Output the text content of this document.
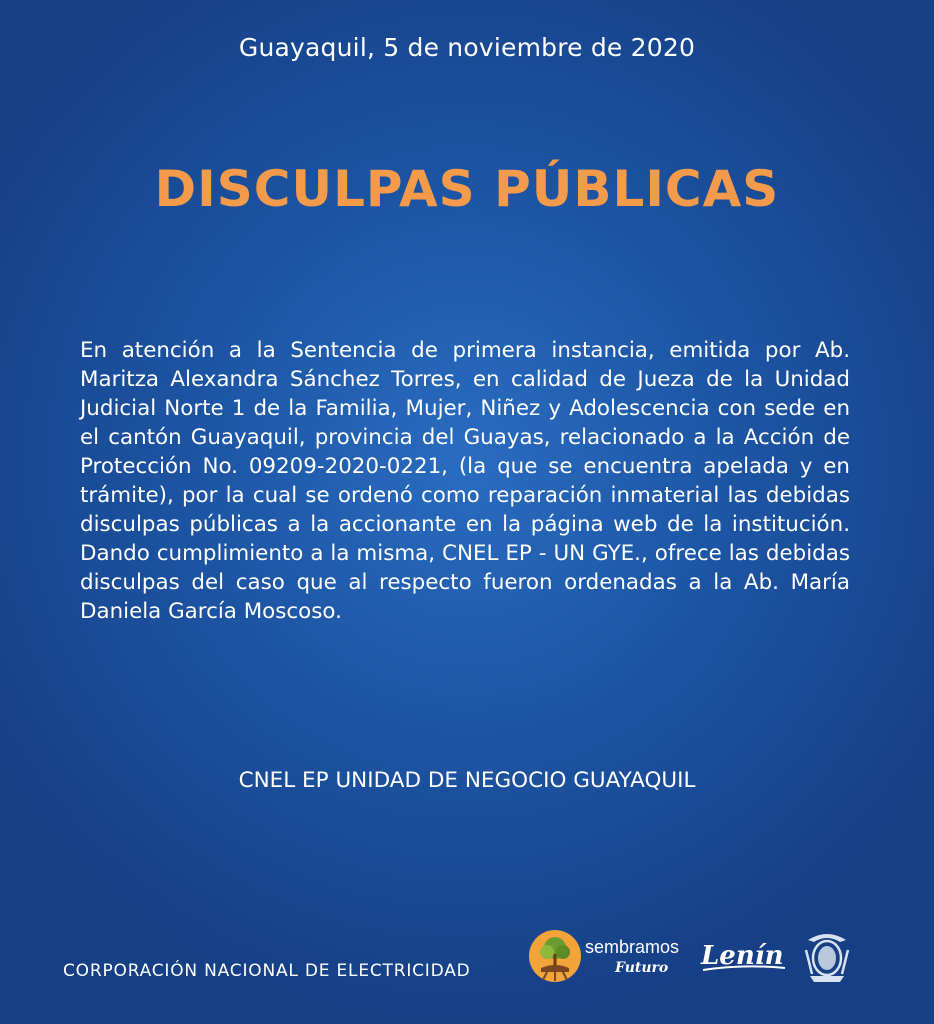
Guayaquil, 5 de noviembre de 2020
DISCULPAS PÚBLICAS
En atención a la Sentencia de primera instancia, emitida por Ab. Maritza Alexandra Sánchez Torres, en calidad de Jueza de la Unidad Judicial Norte 1 de la Familia, Mujer, Niñez y Adolescencia con sede en el cantón Guayaquil, provincia del Guayas, relacionado a la Acción de Protección No. 09209-2020-0221, (la que se encuentra apelada y en trámite), por la cual se ordenó como reparación inmaterial las debidas disculpas públicas a la accionante en la página web de la institución. Dando cumplimiento a la misma, CNEL EP - UN GYE., ofrece las debidas disculpas del caso que al respecto fueron ordenadas a la Ab. María Daniela García Moscoso.
CNEL EP UNIDAD DE NEGOCIO GUAYAQUIL
CORPORACIÓN NACIONAL DE ELECTRICIDAD
sembramos
Futuro Lenín
